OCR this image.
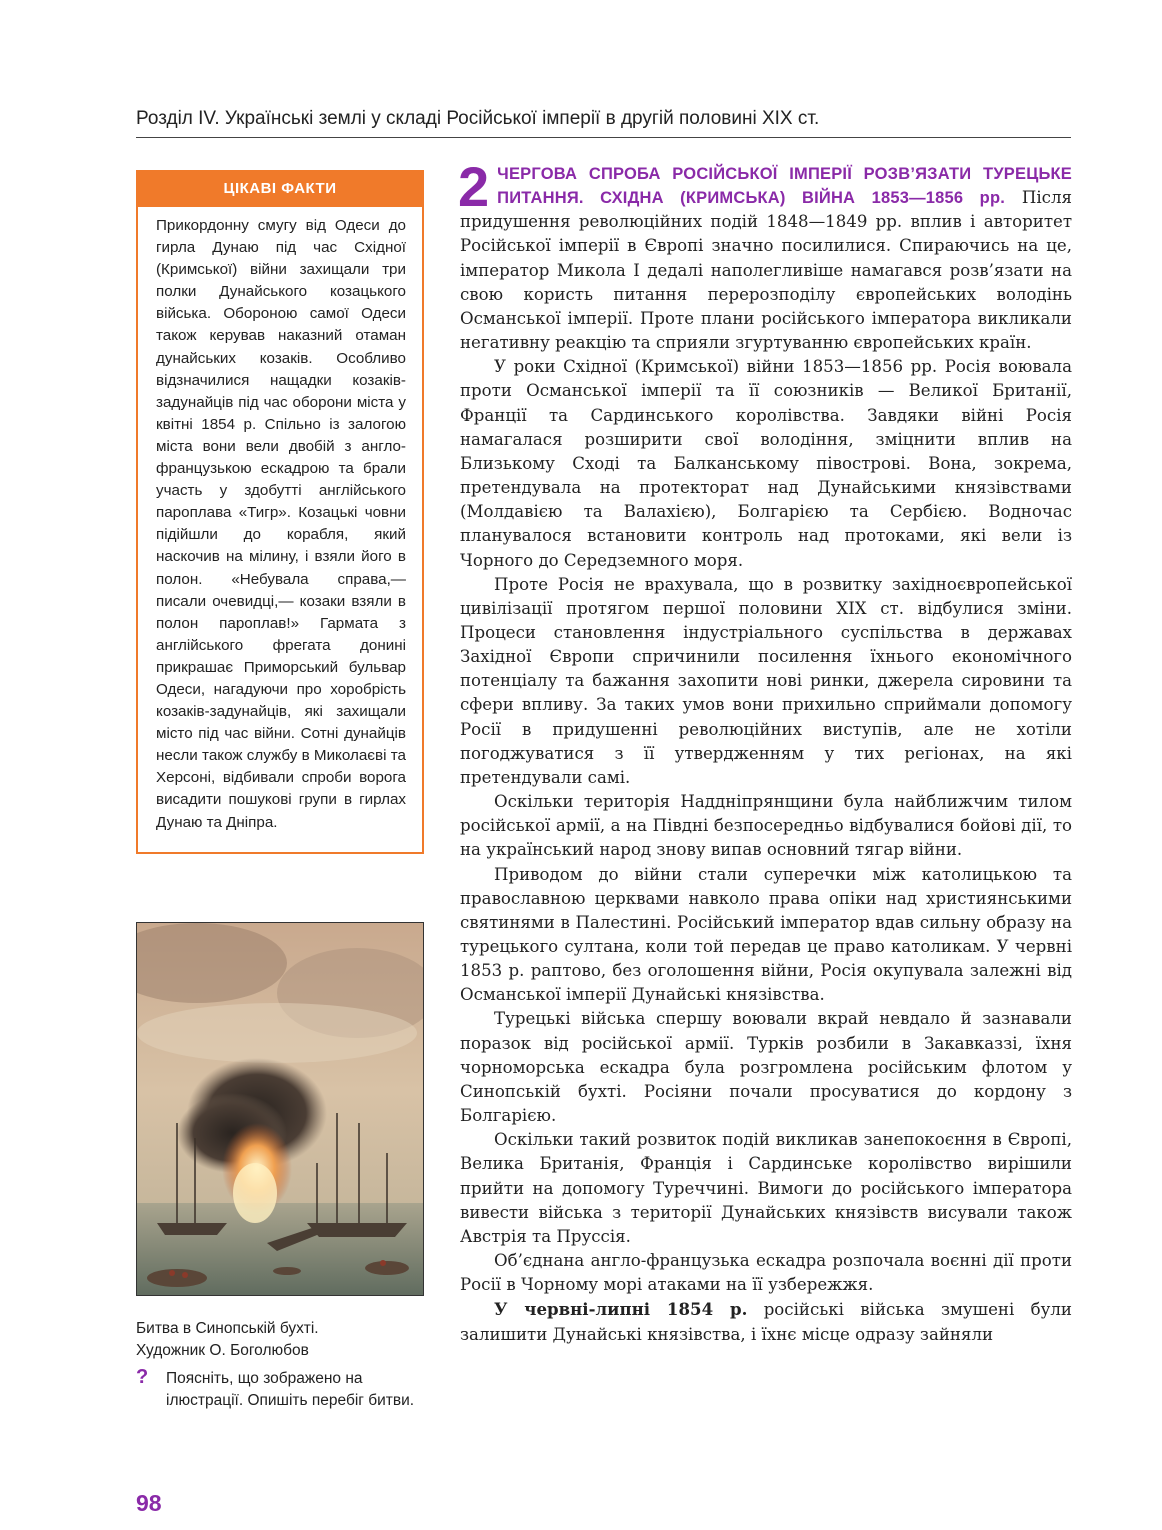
Розділ IV. Українські землі у складі Російської імперії в другій половині ХІХ ст.
ЦІКАВІ ФАКТИ
Прикордонну смугу від Одеси до гирла Дунаю під час Східної (Кримської) війни захищали три полки Дунайського козацького війська. Обороною самої Одеси також керував наказний отаман дунайських козаків. Особливо відзначилися нащадки козаків-задунайців під час оборони міста у квітні 1854 р. Спільно із залогою міста вони вели двобій з англо-французькою ескадрою та брали участь у здобутті англійського пароплава «Тигр». Козацькі човни підійшли до корабля, який наскочив на мілину, і взяли його в полон. «Небувала справа,— писали очевидці,— козаки взяли в полон пароплав!» Гармата з англійського фрегата донині прикрашає Приморський бульвар Одеси, нагадуючи про хоробрість козаків-задунайців, які захищали місто під час війни. Сотні дунайців несли також службу в Миколаєві та Херсоні, відбивали спроби ворога висадити пошукові групи в гирлах Дунаю та Дніпра.
Битва в Синопській бухті.
Художник О. Боголюбов
?	Поясніть, що зображено на ілюстрації. Опишіть перебіг битви.
98

2 ЧЕРГОВА СПРОБА РОСІЙСЬКОЇ ІМПЕРІЇ РОЗВ’ЯЗАТИ ТУРЕЦЬКЕ ПИТАННЯ. СХІДНА (КРИМСЬКА) ВІЙНА 1853—1856 рр. Після придушення революційних подій 1848—1849 рр. вплив і авторитет Російської імперії в Європі значно посилилися. Спираючись на це, імператор Микола І дедалі наполегливіше намагався розв’язати на свою користь питання перерозподілу європейських володінь Османської імперії. Проте плани російського імператора викликали негативну реакцію та сприяли згуртуванню європейських країн.

У роки Східної (Кримської) війни 1853—1856 рр. Росія воювала проти Османської імперії та її союзників — Великої Британії, Франції та Сардинського королівства. Завдяки війні Росія намагалася розширити свої володіння, зміцнити вплив на Близькому Сході та Балканському півострові. Вона, зокрема, претендувала на протекторат над Дунайськими князівствами (Молдавією та Валахією), Болгарією та Сербією. Водночас планувалося встановити контроль над протоками, які вели із Чорного до Середземного моря.

Проте Росія не врахувала, що в розвитку західноєвропейської цивілізації протягом першої половини ХІХ ст. відбулися зміни. Процеси становлення індустріального суспільства в державах Західної Європи спричинили посилення їхнього економічного потенціалу та бажання захопити нові ринки, джерела сировини та сфери впливу. За таких умов вони прихильно сприймали допомогу Росії в придушенні революційних виступів, але не хотіли погоджуватися з її утвердженням у тих регіонах, на які претендували самі.

Оскільки територія Наддніпрянщини була найближчим тилом російської армії, а на Півдні безпосередньо відбувалися бойові дії, то на український народ знову випав основний тягар війни.

Приводом до війни стали суперечки між католицькою та православною церквами навколо права опіки над християнськими святинями в Палестині. Російський імператор вдав сильну образу на турецького султана, коли той передав це право католикам. У червні 1853 р. раптово, без оголошення війни, Росія окупувала залежні від Османської імперії Дунайські князівства.

Турецькі війська спершу воювали вкрай невдало й зазнавали поразок від російської армії. Турків розбили в Закавказзі, їхня чорноморська ескадра була розгромлена російським флотом у Синопській бухті. Росіяни почали просуватися до кордону з Болгарією.

Оскільки такий розвиток подій викликав занепокоєння в Європі, Велика Британія, Франція і Сардинське королівство вирішили прийти на допомогу Туреччині. Вимоги до російського імператора вивести війська з території Дунайських князівств висували також Австрія та Пруссія.

Об’єднана англо-французька ескадра розпочала воєнні дії проти Росії в Чорному морі атаками на її узбережжя.

У червні-липні 1854 р. російські війська змушені були залишити Дунайські князівства, і їхнє місце одразу зайняли
